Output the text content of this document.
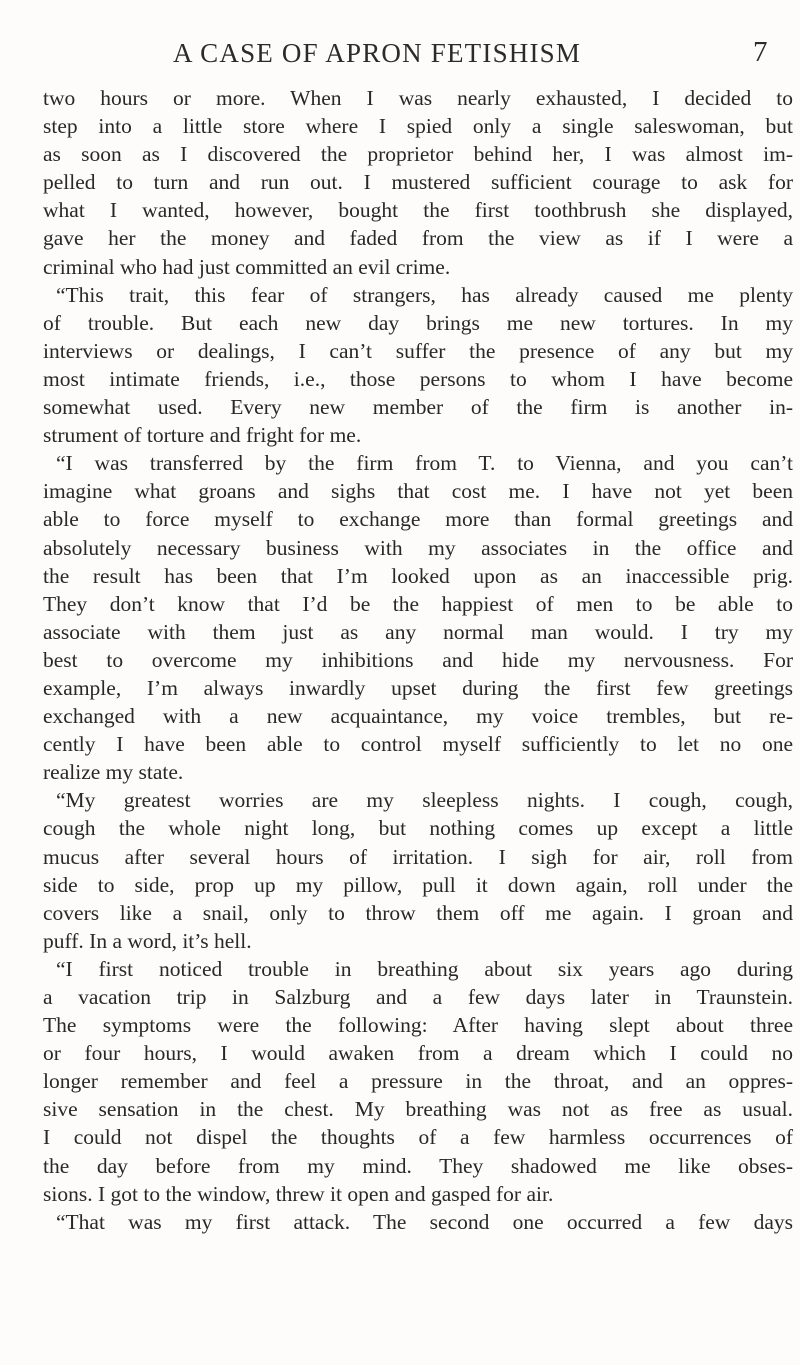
A CASE OF APRON FETISHISM	7
two hours or more. When I was nearly exhausted, I decided to
step into a little store where I spied only a single saleswoman, but
as soon as I discovered the proprietor behind her, I was almost im-
pelled to turn and run out. I mustered sufficient courage to ask for
what I wanted, however, bought the first toothbrush she displayed,
gave her the money and faded from the view as if I were a
criminal who had just committed an evil crime.
“This trait, this fear of strangers, has already caused me plenty
of trouble. But each new day brings me new tortures. In my
interviews or dealings, I can’t suffer the presence of any but my
most intimate friends, i.e., those persons to whom I have become
somewhat used. Every new member of the firm is another in-
strument of torture and fright for me.
“I was transferred by the firm from T. to Vienna, and you can’t
imagine what groans and sighs that cost me. I have not yet been
able to force myself to exchange more than formal greetings and
absolutely necessary business with my associates in the office and
the result has been that I’m looked upon as an inaccessible prig.
They don’t know that I’d be the happiest of men to be able to
associate with them just as any normal man would. I try my
best to overcome my inhibitions and hide my nervousness. For
example, I’m always inwardly upset during the first few greetings
exchanged with a new acquaintance, my voice trembles, but re-
cently I have been able to control myself sufficiently to let no one
realize my state.
“My greatest worries are my sleepless nights. I cough, cough,
cough the whole night long, but nothing comes up except a little
mucus after several hours of irritation. I sigh for air, roll from
side to side, prop up my pillow, pull it down again, roll under the
covers like a snail, only to throw them off me again. I groan and
puff. In a word, it’s hell.
“I first noticed trouble in breathing about six years ago during
a vacation trip in Salzburg and a few days later in Traunstein.
The symptoms were the following: After having slept about three
or four hours, I would awaken from a dream which I could no
longer remember and feel a pressure in the throat, and an oppres-
sive sensation in the chest. My breathing was not as free as usual.
I could not dispel the thoughts of a few harmless occurrences of
the day before from my mind. They shadowed me like obses-
sions. I got to the window, threw it open and gasped for air.
“That was my first attack. The second one occurred a few days
